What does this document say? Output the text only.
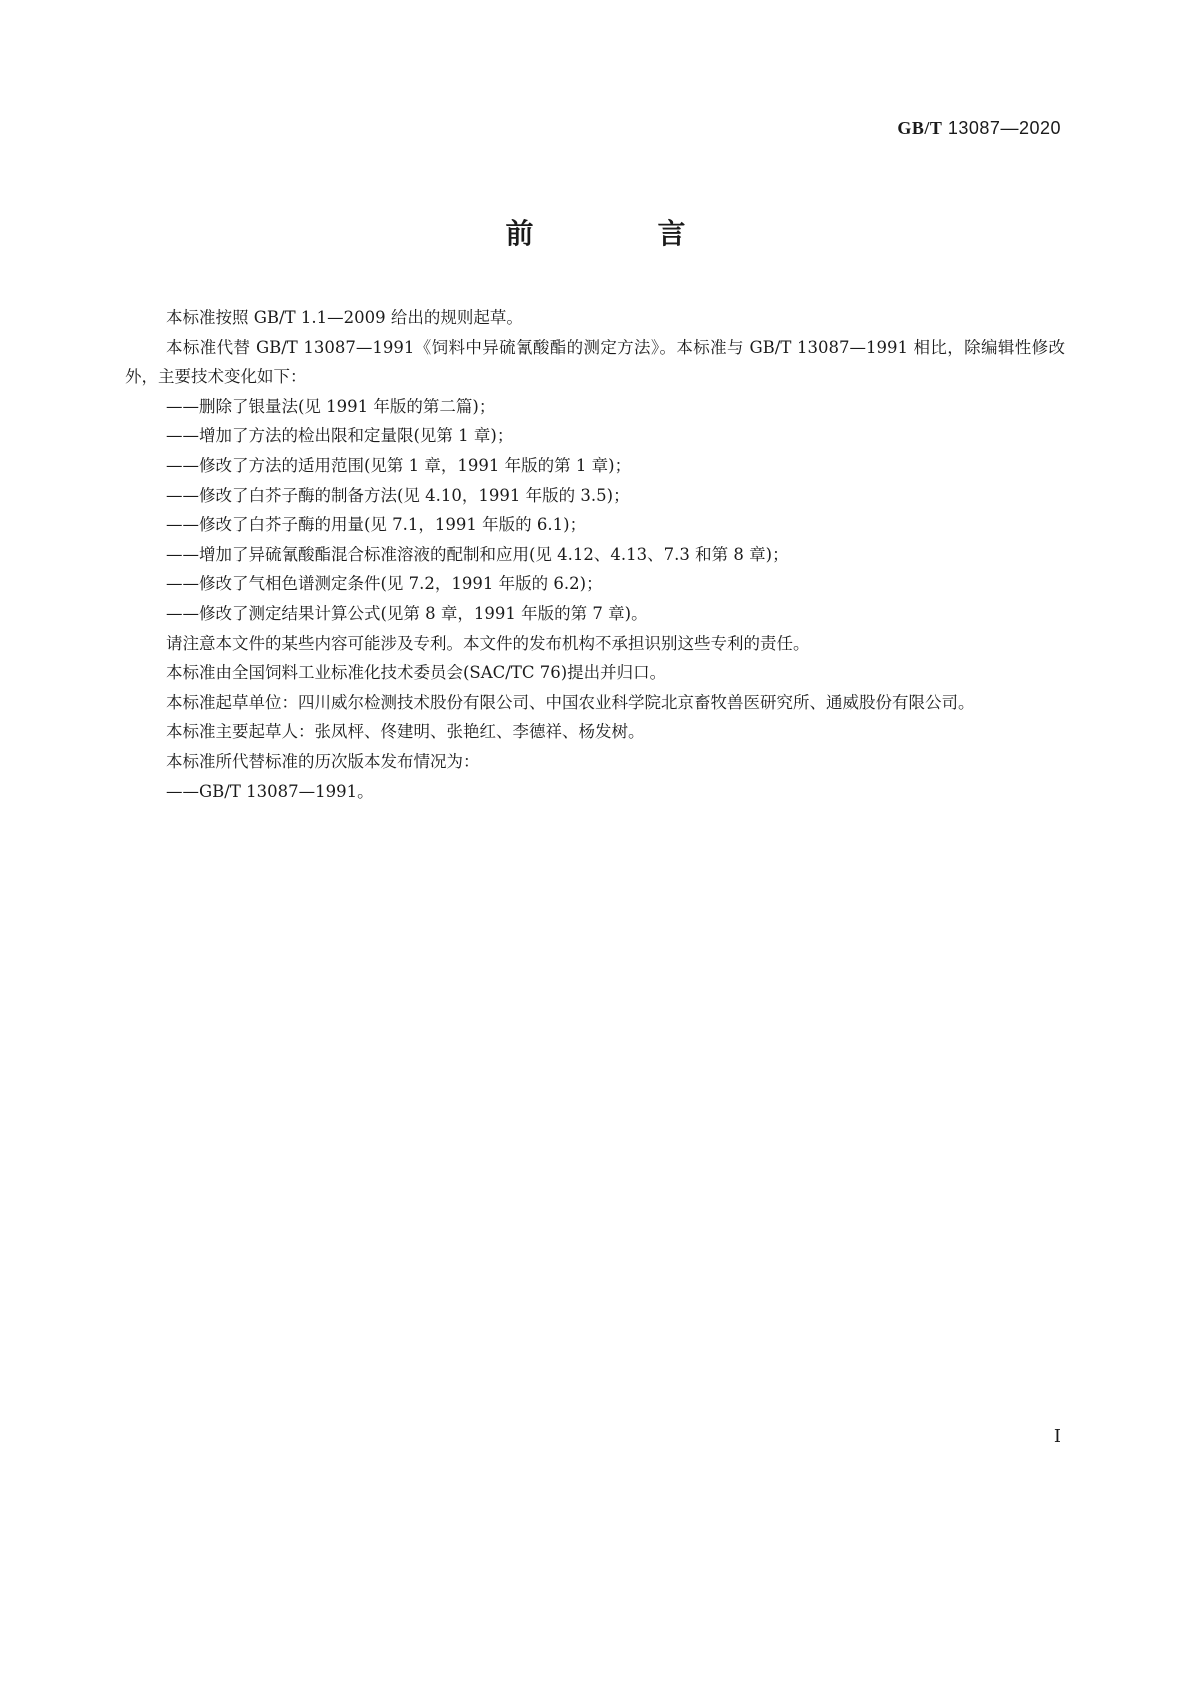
GB/T 13087—2020
前　言

本标准按照 GB/T 1.1—2009 给出的规则起草。

本标准代替 GB/T 13087—1991《饲料中异硫氰酸酯的测定方法》。本标准与 GB/T 13087—1991 相比，除编辑性修改外，主要技术变化如下：

——删除了银量法(见 1991 年版的第二篇)；

——增加了方法的检出限和定量限(见第 1 章)；

——修改了方法的适用范围(见第 1 章，1991 年版的第 1 章)；

——修改了白芥子酶的制备方法(见 4.10，1991 年版的 3.5)；

——修改了白芥子酶的用量(见 7.1，1991 年版的 6.1)；

——增加了异硫氰酸酯混合标准溶液的配制和应用(见 4.12、4.13、7.3 和第 8 章)；

——修改了气相色谱测定条件(见 7.2，1991 年版的 6.2)；

——修改了测定结果计算公式(见第 8 章，1991 年版的第 7 章)。

请注意本文件的某些内容可能涉及专利。本文件的发布机构不承担识别这些专利的责任。

本标准由全国饲料工业标准化技术委员会(SAC/TC 76)提出并归口。

本标准起草单位：四川威尔检测技术股份有限公司、中国农业科学院北京畜牧兽医研究所、通威股份有限公司。

本标准主要起草人：张凤枰、佟建明、张艳红、李德祥、杨发树。

本标准所代替标准的历次版本发布情况为：

——GB/T 13087—1991。

I
